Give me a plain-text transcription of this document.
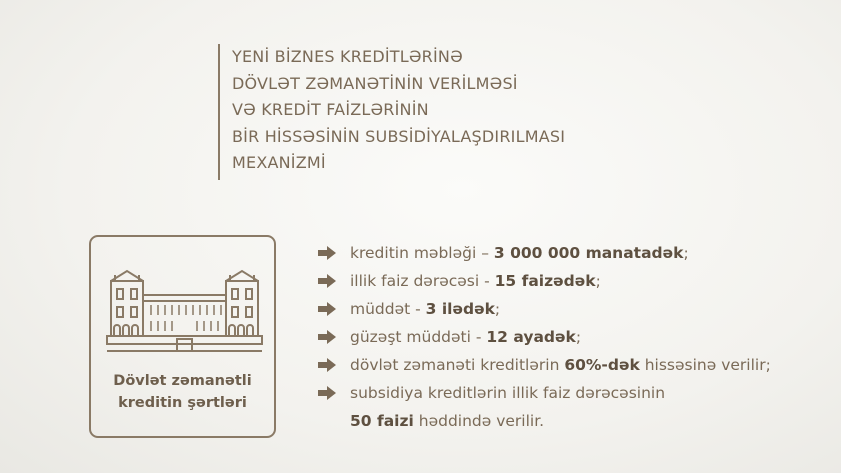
YENİ BİZNES KREDİTLƏRİNƏ
DÖVLƏT ZƏMANƏTİNİN VERİLMƏSİ
VƏ KREDİT FAİZLƏRİNİN
BİR HİSSƏSİNİN SUBSİDİYALAŞDIRILMASI
MEXANİZMİ
Dövlət zəmanətli
kreditin şərtləri
kreditin məbləği – 3 000 000 manatadək;
illik faiz dərəcəsi - 15 faizədək;
müddət - 3 ilədək;
güzəşt müddəti - 12 ayadək;
dövlət zəmanəti kreditlərin 60%-dək hissəsinə verilir;
subsidiya kreditlərin illik faiz dərəcəsinin
50 faizi həddində verilir.
